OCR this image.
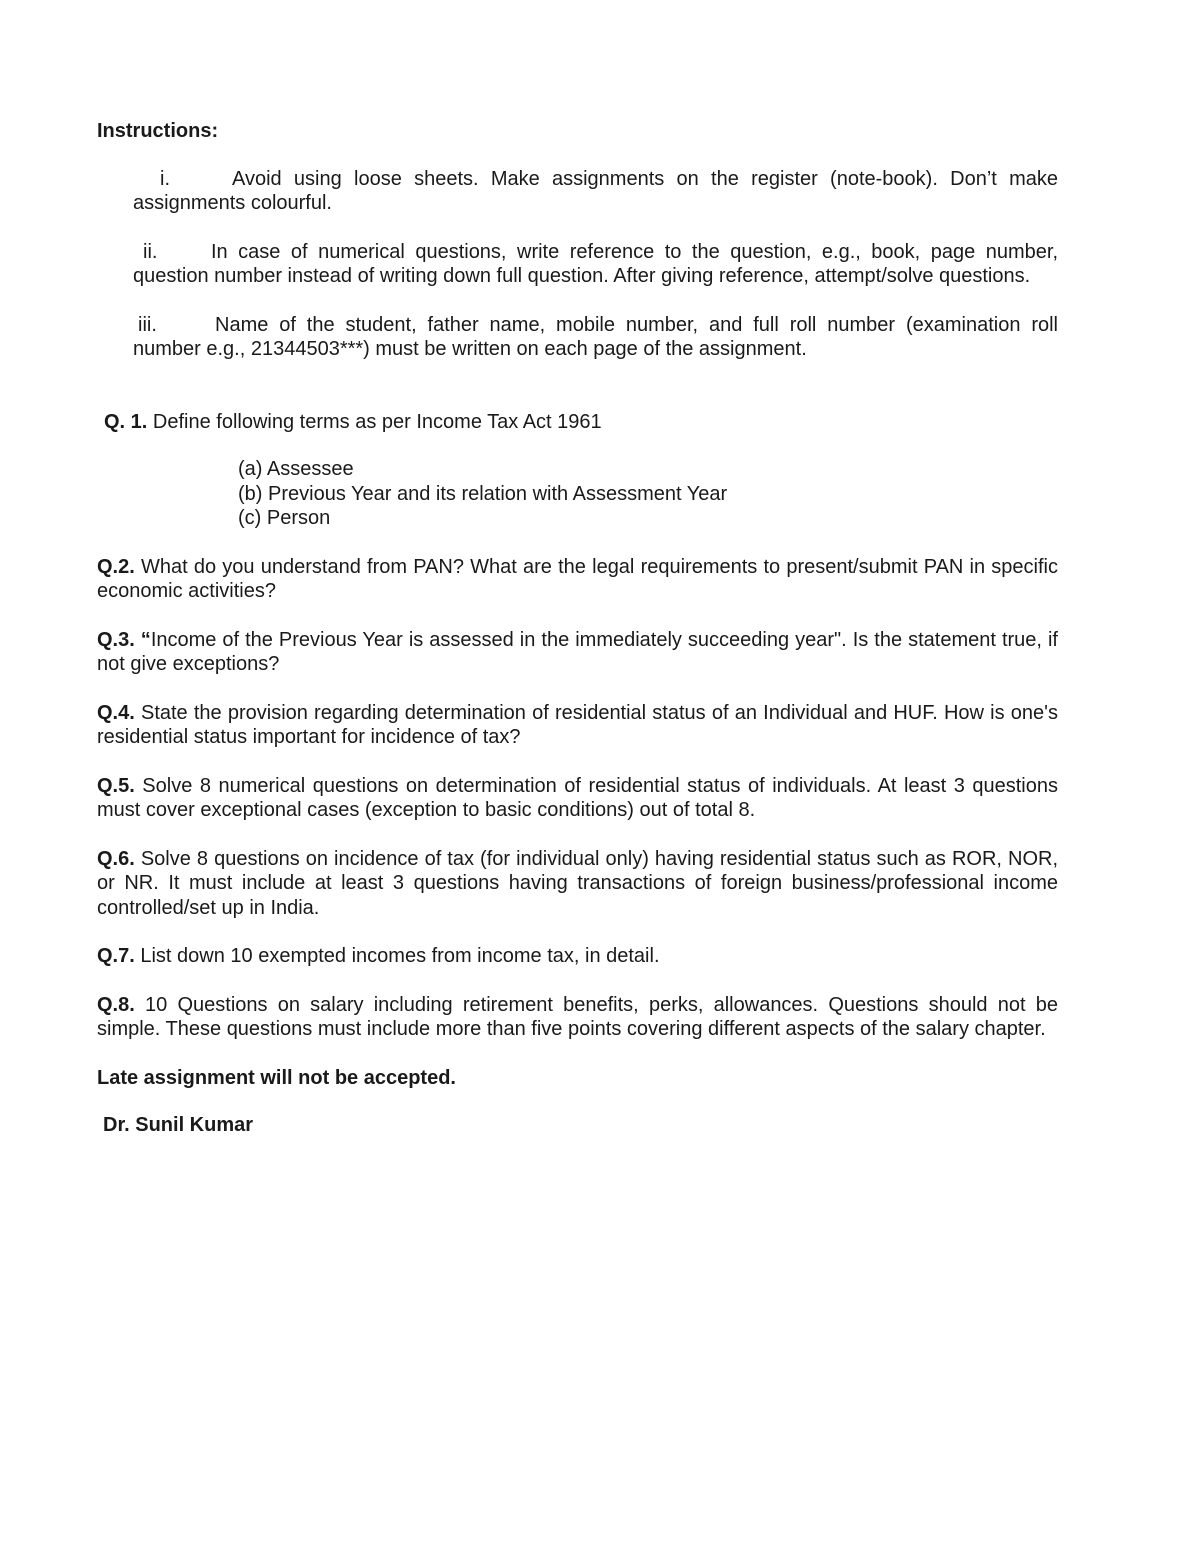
Instructions:
i.	Avoid using loose sheets. Make assignments on the register (note-book). Don’t make assignments colourful.
ii.	In case of numerical questions, write reference to the question, e.g., book, page number, question number instead of writing down full question. After giving reference, attempt/solve questions.
iii.	Name of the student, father name, mobile number, and full roll number (examination roll number e.g., 21344503***) must be written on each page of the assignment.
Q. 1. Define following terms as per Income Tax Act 1961
(a) Assessee
(b) Previous Year and its relation with Assessment Year
(c) Person
Q.2. What do you understand from PAN? What are the legal requirements to present/submit PAN in specific economic activities?
Q.3. “Income of the Previous Year is assessed in the immediately succeeding year". Is the statement true, if not give exceptions?
Q.4. State the provision regarding determination of residential status of an Individual and HUF. How is one's residential status important for incidence of tax?
Q.5. Solve 8 numerical questions on determination of residential status of individuals. At least 3 questions must cover exceptional cases (exception to basic conditions) out of total 8.
Q.6. Solve 8 questions on incidence of tax (for individual only) having residential status such as ROR, NOR, or NR. It must include at least 3 questions having transactions of foreign business/professional income controlled/set up in India.
Q.7. List down 10 exempted incomes from income tax, in detail.
Q.8. 10 Questions on salary including retirement benefits, perks, allowances. Questions should not be simple. These questions must include more than five points covering different aspects of the salary chapter.
Late assignment will not be accepted.
Dr. Sunil Kumar
